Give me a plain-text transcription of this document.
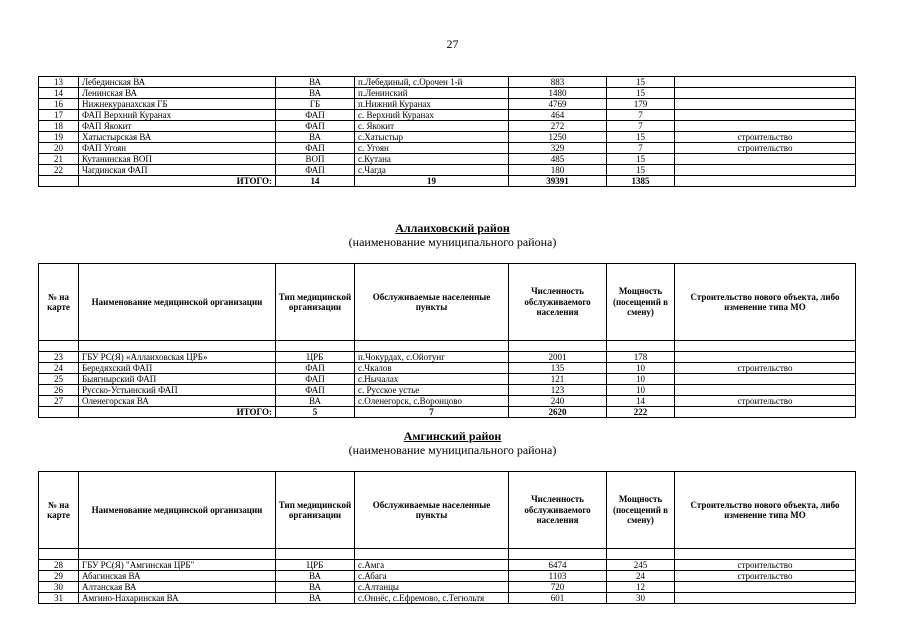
27
13	Лебединская ВА	ВА	п.Лебединый, с.Орочен 1-й	883	15	
14	Ленинская ВА	ВА	п.Ленинский	1480	15	
16	Нижнекуранахская ГБ	ГБ	п.Нижний Куранах	4769	179	
17	ФАП Верхний Куранах	ФАП	с. Верхний Куранах	464	7	
18	ФАП Якокит	ФАП	с. Якокит	272	7	
19	Хатыстырская ВА	ВА	с.Хатыстыр	1250	15	строительство
20	ФАП Угоян	ФАП	с. Угоян	329	7	строительство
21	Кутанинская ВОП	ВОП	с.Кутана	485	15	
22	Чагдинская ФАП	ФАП	с.Чагда	180	15	
	ИТОГО:	14	19	39391	1385	
Аллаиховский район
(наименование муниципального района)
№ на карте	Наименование медицинской организации	Тип медицинской организации	Обслуживаемые населенные пункты	Численность обслуживаемого населения	Мощность (посещений в смену)	Строительство нового объекта, либо изменение типа МО

23	ГБУ РС(Я) «Аллаиховская ЦРБ»	ЦРБ	п.Чокурдах, с.Ойотунг	2001	178	
24	Бередяхский ФАП	ФАП	с.Чкалов	135	10	строительство
25	Быягнырский ФАП	ФАП	с.Нычалах	121	10	
26	Русско-Устьинский ФАП	ФАП	с. Русское устье	123	10	
27	Оленегорская ВА	ВА	с.Оленегорск, с.Воронцово	240	14	строительство
	ИТОГО:	5	7	2620	222	
Амгинский район
(наименование муниципального района)
№ на карте	Наименование медицинской организации	Тип медицинской организации	Обслуживаемые населенные пункты	Численность обслуживаемого населения	Мощность (посещений в смену)	Строительство нового объекта, либо изменение типа МО

28	ГБУ РС(Я) "Амгинская ЦРБ"	ЦРБ	с.Амга	6474	245	строительство
29	Абагинская ВА	ВА	с.Абага	1103	24	строительство
30	Алтанская ВА	ВА	с.Алтанцы	720	12	
31	Амгино-Нахаринская ВА	ВА	с.Оннёс, с.Ефремово, с.Тегюльтя	601	30	
